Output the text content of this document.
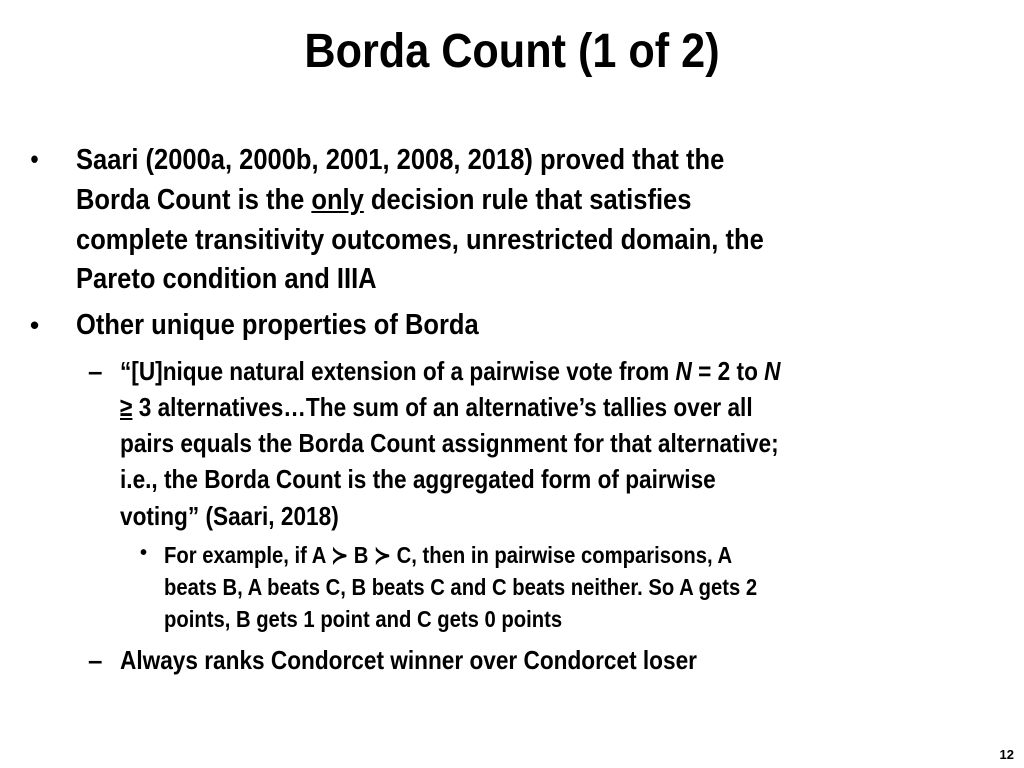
Borda Count (1 of 2)
• Saari (2000a, 2000b, 2001, 2008, 2018) proved that the
Borda Count is the only decision rule that satisfies
complete transitivity outcomes, unrestricted domain, the
Pareto condition and IIIA
• Other unique properties of Borda
– “[U]nique natural extension of a pairwise vote from N = 2 to N
≥ 3 alternatives…The sum of an alternative’s tallies over all
pairs equals the Borda Count assignment for that alternative;
i.e., the Borda Count is the aggregated form of pairwise
voting” (Saari, 2018)
• For example, if A ≻ B ≻ C, then in pairwise comparisons, A
beats B, A beats C, B beats C and C beats neither. So A gets 2
points, B gets 1 point and C gets 0 points
– Always ranks Condorcet winner over Condorcet loser
12
